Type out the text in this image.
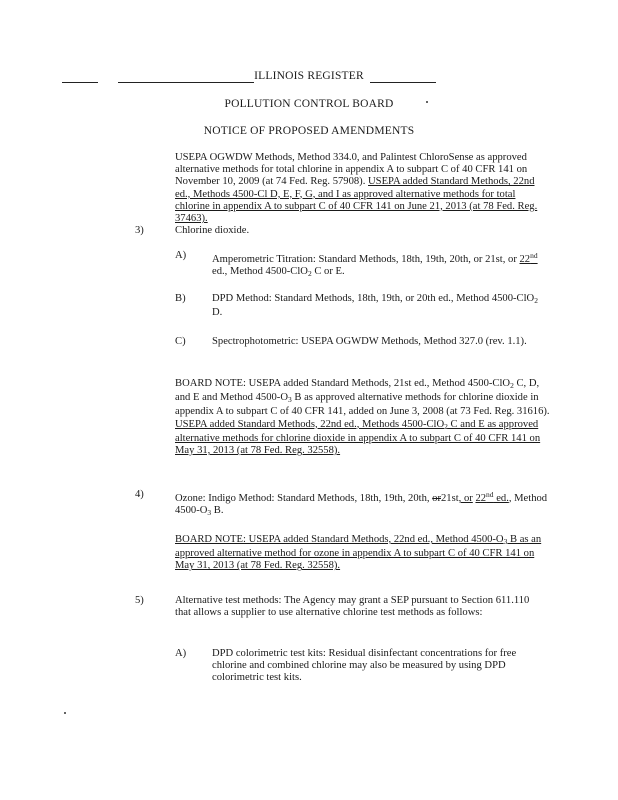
ILLINOIS REGISTER
POLLUTION CONTROL BOARD
NOTICE OF PROPOSED AMENDMENTS

USEPA OGWDW Methods, Method 334.0, and Palintest ChloroSense as approved alternative methods for total chlorine in appendix A to subpart C of 40 CFR 141 on November 10, 2009 (at 74 Fed. Reg. 57908). USEPA added Standard Methods, 22nd ed., Methods 4500-Cl D, E, F, G, and I as approved alternative methods for total chlorine in appendix A to subpart C of 40 CFR 141 on June 21, 2013 (at 78 Fed. Reg. 37463).

3)	Chlorine dioxide.
A) Amperometric Titration: Standard Methods, 18th, 19th, 20th, or 21st, or 22nd ed., Method 4500-ClO$_2$ C or E.

B) DPD Method: Standard Methods, 18th, 19th, or 20th ed., Method 4500-ClO$_2$ D.

C) Spectrophotometric: USEPA OGWDW Methods, Method 327.0 (rev. 1.1).

BOARD NOTE: USEPA added Standard Methods, 21st ed., Method 4500-ClO$_2$ C, D, and E and Method $4500-O_3$ B as approved alternative methods for chlorine dioxide in appendix A to subpart C of 40 CFR 141, added on June 3, 2008 (at 73 Fed. Reg. 31616). USEPA added Standard Methods, 22nd ed., Methods 4500-ClO$_2$ C and E as approved alternative methods for chlorine dioxide in appendix A to subpart C of 40 CFR 141 on May 31, 2013 (at 78 Fed. Reg. 32558).

4)	Ozone: Indigo Method: Standard Methods, 18th, 19th, 20th, or21st, or 22nd ed., Method $4500-O_3$ B.

BOARD NOTE: USEPA added Standard Methods, 22nd ed., Method $4500-O_3$ B as an approved alternative method for ozone in appendix A to subpart C of 40 CFR 141 on May 31, 2013 (at 78 Fed. Reg. 32558).

5)	Alternative test methods: The Agency may grant a SEP pursuant to Section 611.110 that allows a supplier to use alternative chlorine test methods as follows:

A) DPD colorimetric test kits: Residual disinfectant concentrations for free chlorine and combined chlorine may also be measured by using DPD colorimetric test kits.
